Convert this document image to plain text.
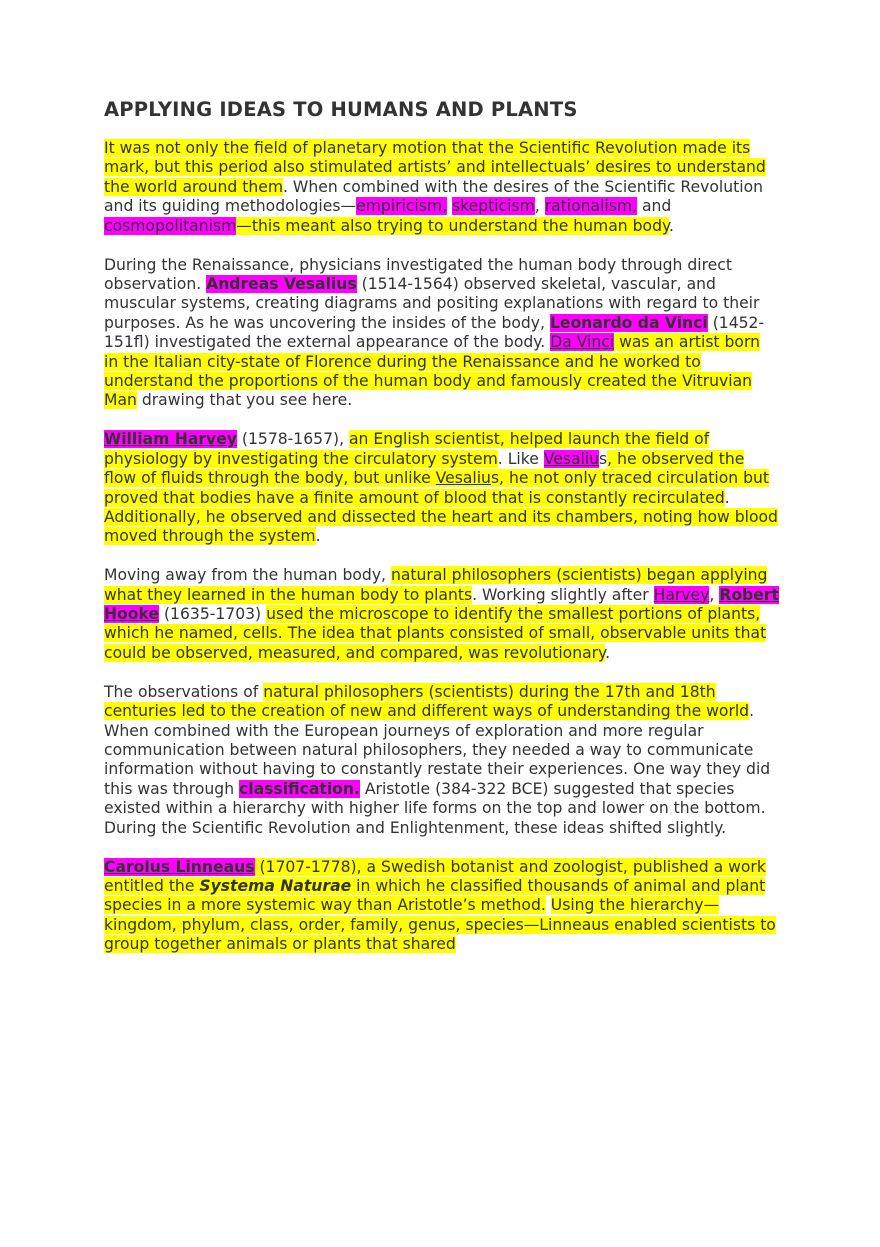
APPLYING IDEAS TO HUMANS AND PLANTS

It was not only the field of planetary motion that the Scientific Revolution made its mark, but this period also stimulated artists’ and intellectuals’ desires to understand the world around them. When combined with the desires of the Scientific Revolution and its guiding methodologies—empiricism, skepticism, rationalism, and cosmopolitanism—this meant also trying to understand the human body.

During the Renaissance, physicians investigated the human body through direct observation. Andreas Vesalius (1514-1564) observed skeletal, vascular, and muscular systems, creating diagrams and positing explanations with regard to their purposes. As he was uncovering the insides of the body, Leonardo da Vinci (1452-151fl) investigated the external appearance of the body. Da Vinci was an artist born in the Italian city-state of Florence during the Renaissance and he worked to understand the proportions of the human body and famously created the Vitruvian Man drawing that you see here.

William Harvey (1578-1657), an English scientist, helped launch the field of physiology by investigating the circulatory system. Like Vesalius, he observed the flow of fluids through the body, but unlike Vesalius, he not only traced circulation but proved that bodies have a finite amount of blood that is constantly recirculated. Additionally, he observed and dissected the heart and its chambers, noting how blood moved through the system.

Moving away from the human body, natural philosophers (scientists) began applying what they learned in the human body to plants. Working slightly after Harvey, Robert Hooke (1635-1703) used the microscope to identify the smallest portions of plants, which he named, cells. The idea that plants consisted of small, observable units that could be observed, measured, and compared, was revolutionary.

The observations of natural philosophers (scientists) during the 17th and 18th centuries led to the creation of new and different ways of understanding the world. When combined with the European journeys of exploration and more regular communication between natural philosophers, they needed a way to communicate information without having to constantly restate their experiences. One way they did this was through classification. Aristotle (384-322 BCE) suggested that species existed within a hierarchy with higher life forms on the top and lower on the bottom. During the Scientific Revolution and Enlightenment, these ideas shifted slightly.

Carolus Linneaus (1707-1778), a Swedish botanist and zoologist, published a work entitled the Systema Naturae in which he classified thousands of animal and plant species in a more systemic way than Aristotle’s method. Using the hierarchy—kingdom, phylum, class, order, family, genus, species—Linneaus enabled scientists to group together animals or plants that shared
